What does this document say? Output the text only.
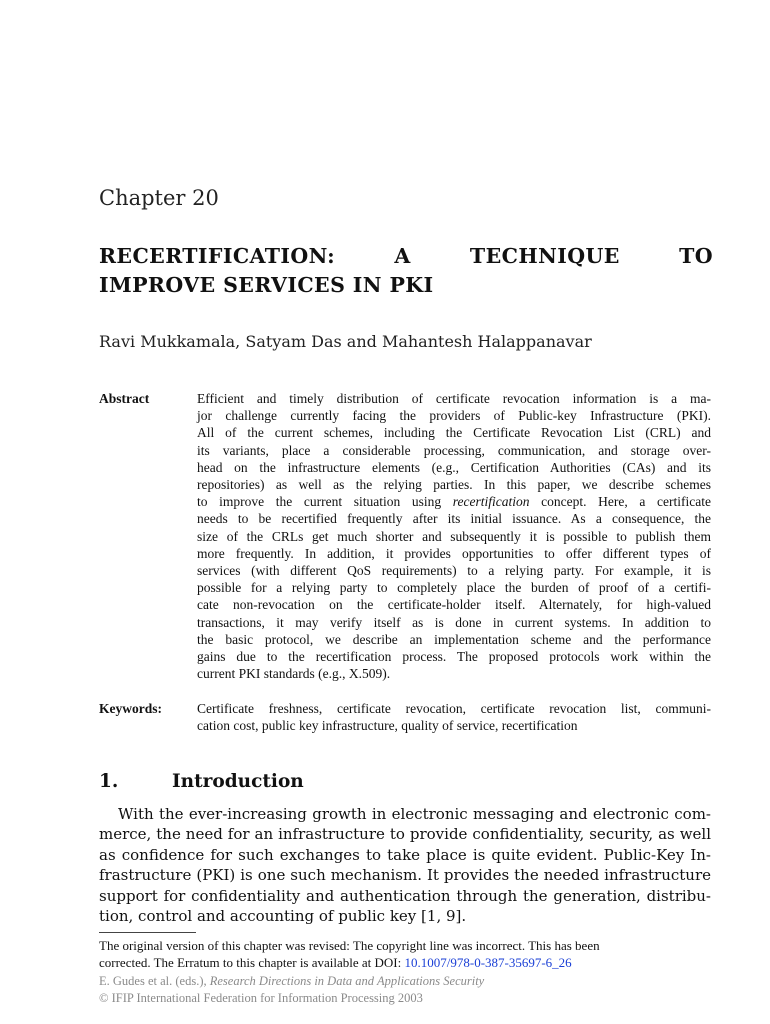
Chapter 20
RECERTIFICATION: A TECHNIQUE TO
IMPROVE SERVICES IN PKI
Ravi Mukkamala, Satyam Das and Mahantesh Halappanavar
Abstract	Efficient and timely distribution of certificate revocation information is a ma-
jor challenge currently facing the providers of Public-key Infrastructure (PKI).
All of the current schemes, including the Certificate Revocation List (CRL) and
its variants, place a considerable processing, communication, and storage over-
head on the infrastructure elements (e.g., Certification Authorities (CAs) and its
repositories) as well as the relying parties. In this paper, we describe schemes
to improve the current situation using recertification concept. Here, a certificate
needs to be recertified frequently after its initial issuance. As a consequence, the
size of the CRLs get much shorter and subsequently it is possible to publish them
more frequently. In addition, it provides opportunities to offer different types of
services (with different QoS requirements) to a relying party. For example, it is
possible for a relying party to completely place the burden of proof of a certifi-
cate non-revocation on the certificate-holder itself. Alternately, for high-valued
transactions, it may verify itself as is done in current systems. In addition to
the basic protocol, we describe an implementation scheme and the performance
gains due to the recertification process. The proposed protocols work within the
current PKI standards (e.g., X.509).
Keywords:	Certificate freshness, certificate revocation, certificate revocation list, communi-
cation cost, public key infrastructure, quality of service, recertification
1.	Introduction
With the ever-increasing growth in electronic messaging and electronic com-
merce, the need for an infrastructure to provide confidentiality, security, as well
as confidence for such exchanges to take place is quite evident. Public-Key In-
frastructure (PKI) is one such mechanism. It provides the needed infrastructure
support for confidentiality and authentication through the generation, distribu-
tion, control and accounting of public key [1, 9].
The original version of this chapter was revised: The copyright line was incorrect. This has been
corrected. The Erratum to this chapter is available at DOI: 10.1007/978-0-387-35697-6_26
E. Gudes et al. (eds.), Research Directions in Data and Applications Security
© IFIP International Federation for Information Processing 2003
